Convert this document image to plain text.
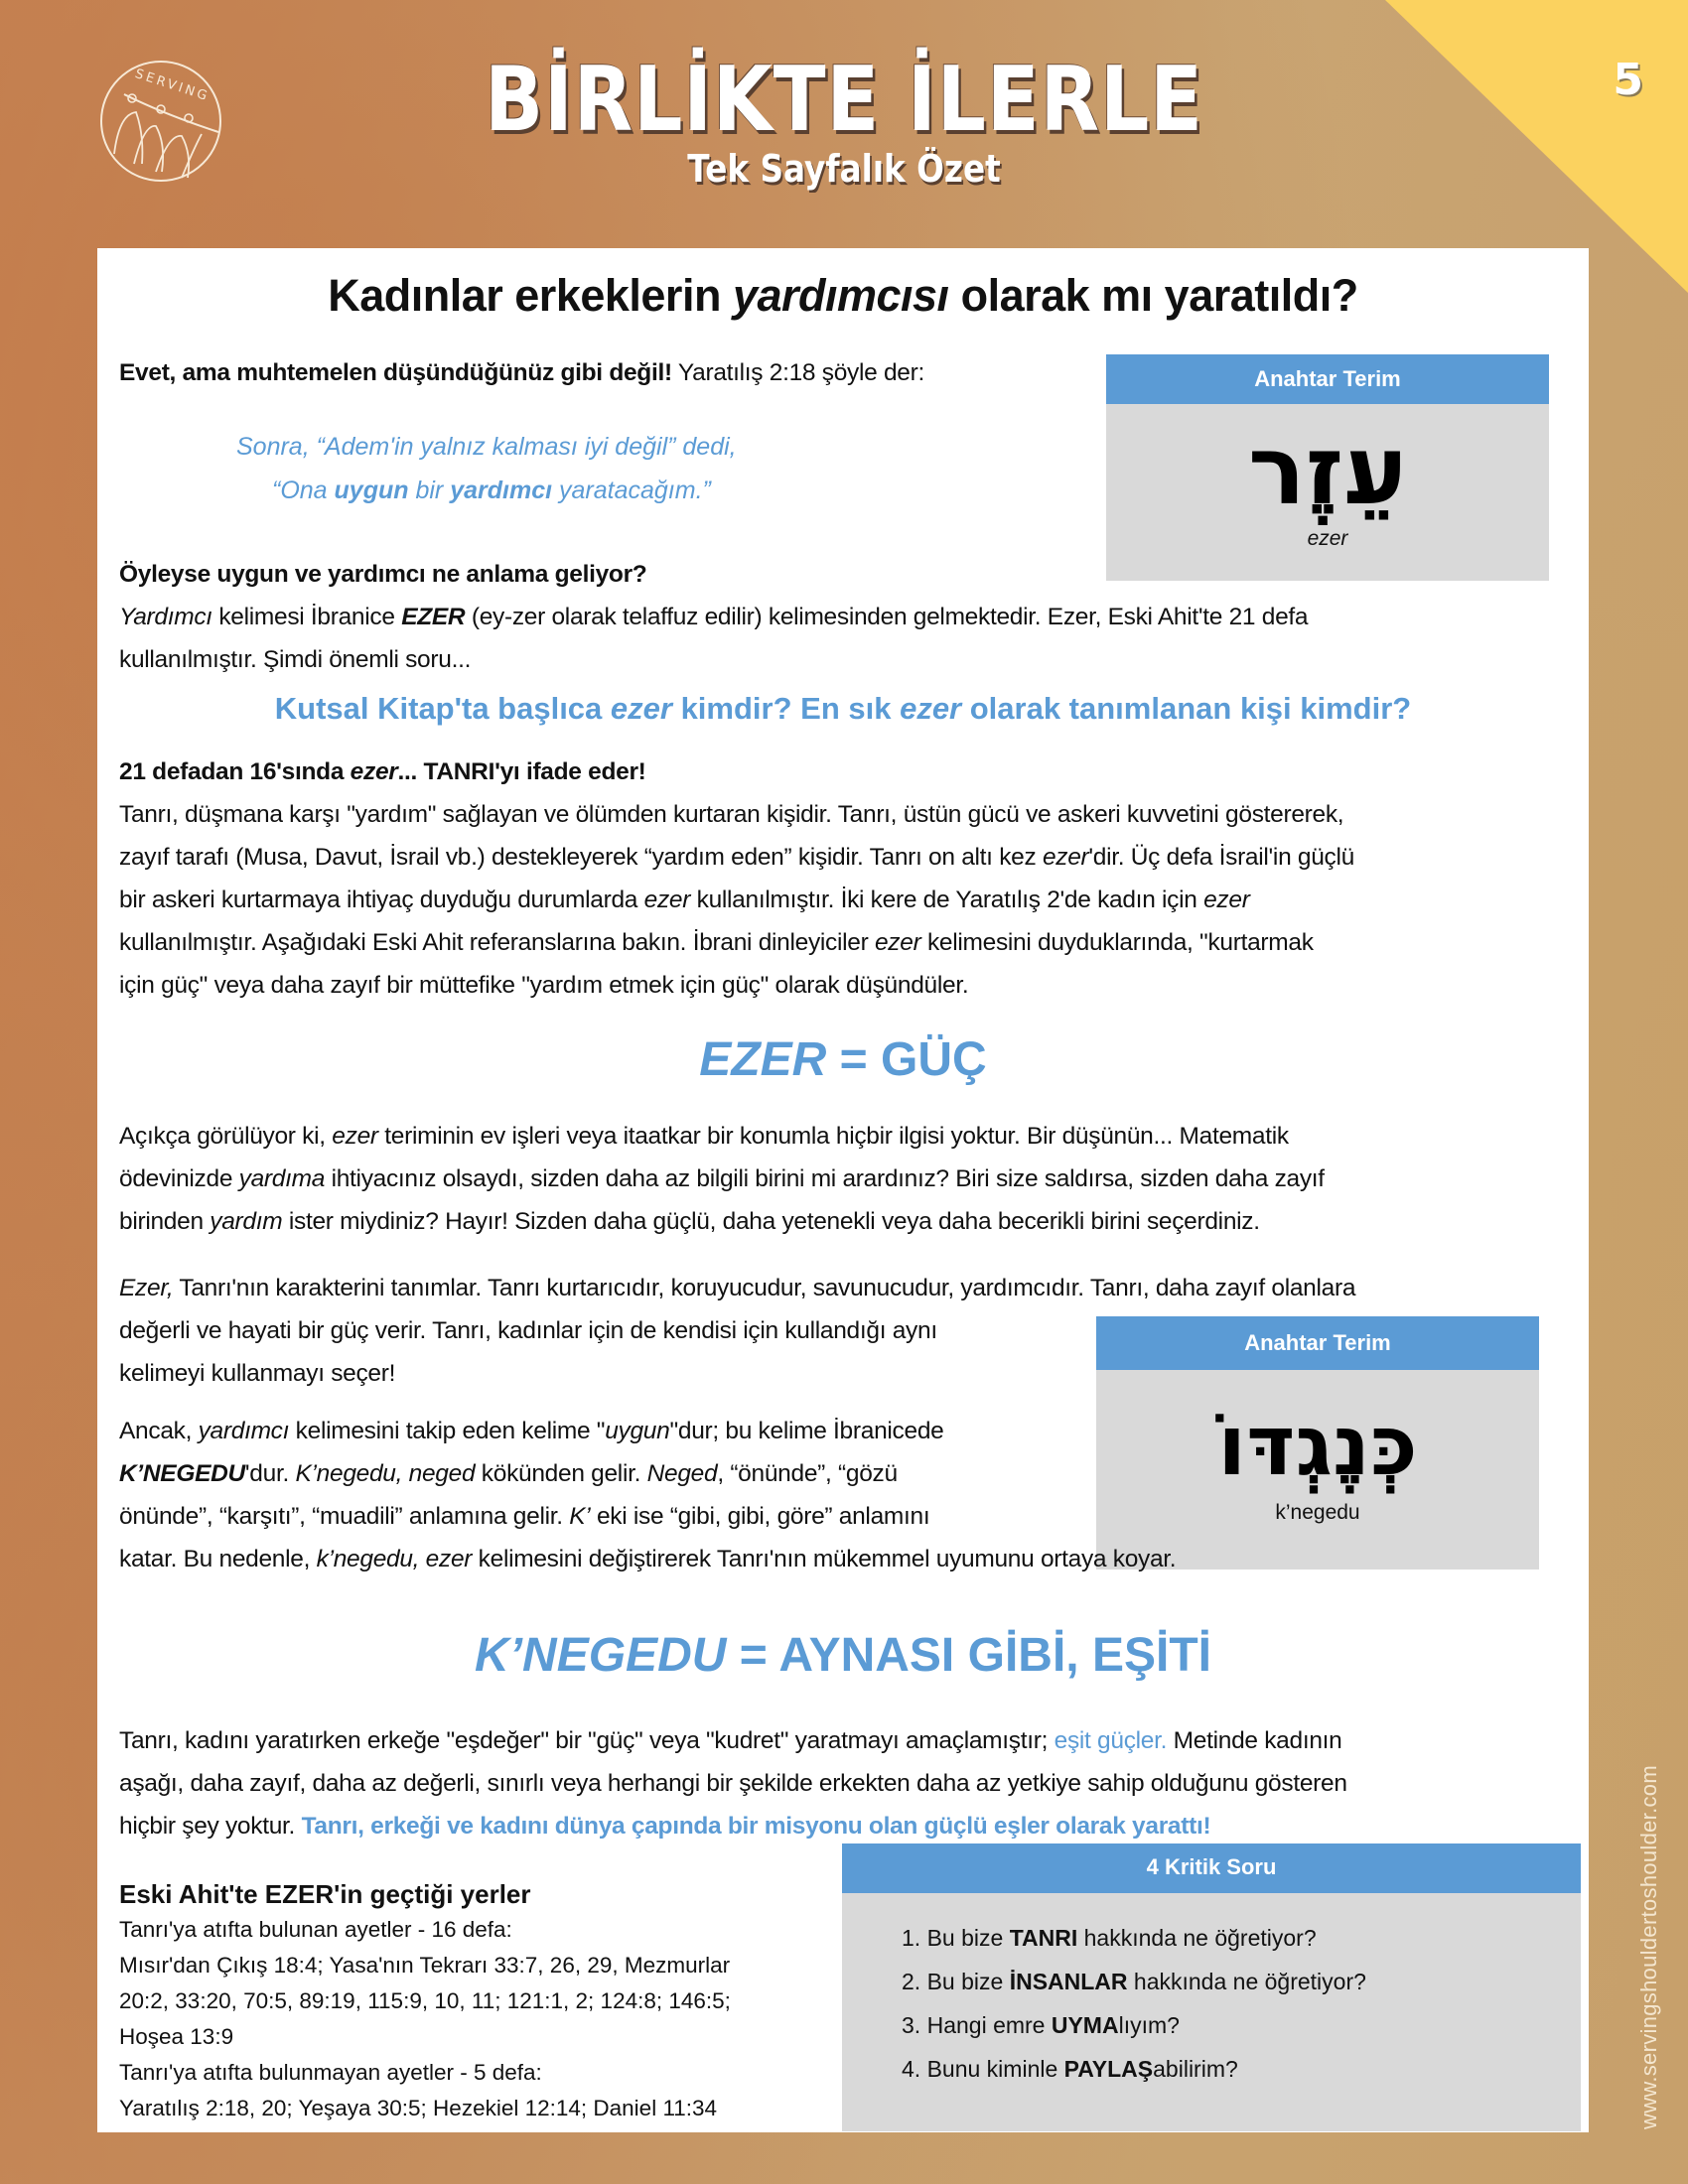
5
SERVING	BİRLİKTE İLERLE
Tek Sayfalık Özet
Kadınlar erkeklerin yardımcısı olarak mı yaratıldı?
Evet, ama muhtemelen düşündüğünüz gibi değil! Yaratılış 2:18 şöyle der:
Sonra, “Adem'in yalnız kalması iyi değil” dedi,
“Ona uygun bir yardımcı yaratacağım.”
Anahtar Terim
עֵזֶר
ezer
Öyleyse uygun ve yardımcı ne anlama geliyor?
Yardımcı kelimesi İbranice EZER (ey-zer olarak telaffuz edilir) kelimesinden gelmektedir. Ezer, Eski Ahit'te 21 defa
kullanılmıştır. Şimdi önemli soru...
Kutsal Kitap'ta başlıca ezer kimdir? En sık ezer olarak tanımlanan kişi kimdir?
21 defadan 16'sında ezer... TANRI'yı ifade eder!
Tanrı, düşmana karşı "yardım" sağlayan ve ölümden kurtaran kişidir. Tanrı, üstün gücü ve askeri kuvvetini göstererek,
zayıf tarafı (Musa, Davut, İsrail vb.) destekleyerek “yardım eden” kişidir. Tanrı on altı kez ezer'dir. Üç defa İsrail'in güçlü
bir askeri kurtarmaya ihtiyaç duyduğu durumlarda ezer kullanılmıştır. İki kere de Yaratılış 2'de kadın için ezer
kullanılmıştır. Aşağıdaki Eski Ahit referanslarına bakın. İbrani dinleyiciler ezer kelimesini duyduklarında, "kurtarmak
için güç" veya daha zayıf bir müttefike "yardım etmek için güç" olarak düşündüler.
EZER = GÜÇ
Açıkça görülüyor ki, ezer teriminin ev işleri veya itaatkar bir konumla hiçbir ilgisi yoktur. Bir düşünün... Matematik
ödevinizde yardıma ihtiyacınız olsaydı, sizden daha az bilgili birini mi arardınız? Biri size saldırsa, sizden daha zayıf
birinden yardım ister miydiniz? Hayır! Sizden daha güçlü, daha yetenekli veya daha becerikli birini seçerdiniz.
Ezer, Tanrı'nın karakterini tanımlar. Tanrı kurtarıcıdır, koruyucudur, savunucudur, yardımcıdır. Tanrı, daha zayıf olanlara
değerli ve hayati bir güç verir. Tanrı, kadınlar için de kendisi için kullandığı aynı
kelimeyi kullanmayı seçer!
Anahtar Terim
כְּנֶגְדּוֹ
k’negedu
Ancak, yardımcı kelimesini takip eden kelime "uygun"dur; bu kelime İbranicede
K’NEGEDU'dur. K’negedu, neged kökünden gelir. Neged, “önünde”, “gözü
önünde”, “karşıtı”, “muadili” anlamına gelir. K’ eki ise “gibi, gibi, göre” anlamını
katar. Bu nedenle, k’negedu, ezer kelimesini değiştirerek Tanrı'nın mükemmel uyumunu ortaya koyar.
K’NEGEDU = AYNASI GİBİ, EŞİTİ
Tanrı, kadını yaratırken erkeğe "eşdeğer" bir "güç" veya "kudret" yaratmayı amaçlamıştır; eşit güçler. Metinde kadının
aşağı, daha zayıf, daha az değerli, sınırlı veya herhangi bir şekilde erkekten daha az yetkiye sahip olduğunu gösteren
hiçbir şey yoktur. Tanrı, erkeği ve kadını dünya çapında bir misyonu olan güçlü eşler olarak yarattı!
Eski Ahit'te EZER'in geçtiği yerler
Tanrı'ya atıfta bulunan ayetler - 16 defa:
Mısır'dan Çıkış 18:4; Yasa'nın Tekrarı 33:7, 26, 29, Mezmurlar
20:2, 33:20, 70:5, 89:19, 115:9, 10, 11; 121:1, 2; 124:8; 146:5;
Hoşea 13:9
Tanrı'ya atıfta bulunmayan ayetler - 5 defa:
Yaratılış 2:18, 20; Yeşaya 30:5; Hezekiel 12:14; Daniel 11:34
4 Kritik Soru
1. Bu bize TANRI hakkında ne öğretiyor?
2. Bu bize İNSANLAR hakkında ne öğretiyor?
3. Hangi emre UYMAlıyım?
4. Bunu kiminle PAYLAŞabilirim?	www.servingshouldertoshoulder.com
